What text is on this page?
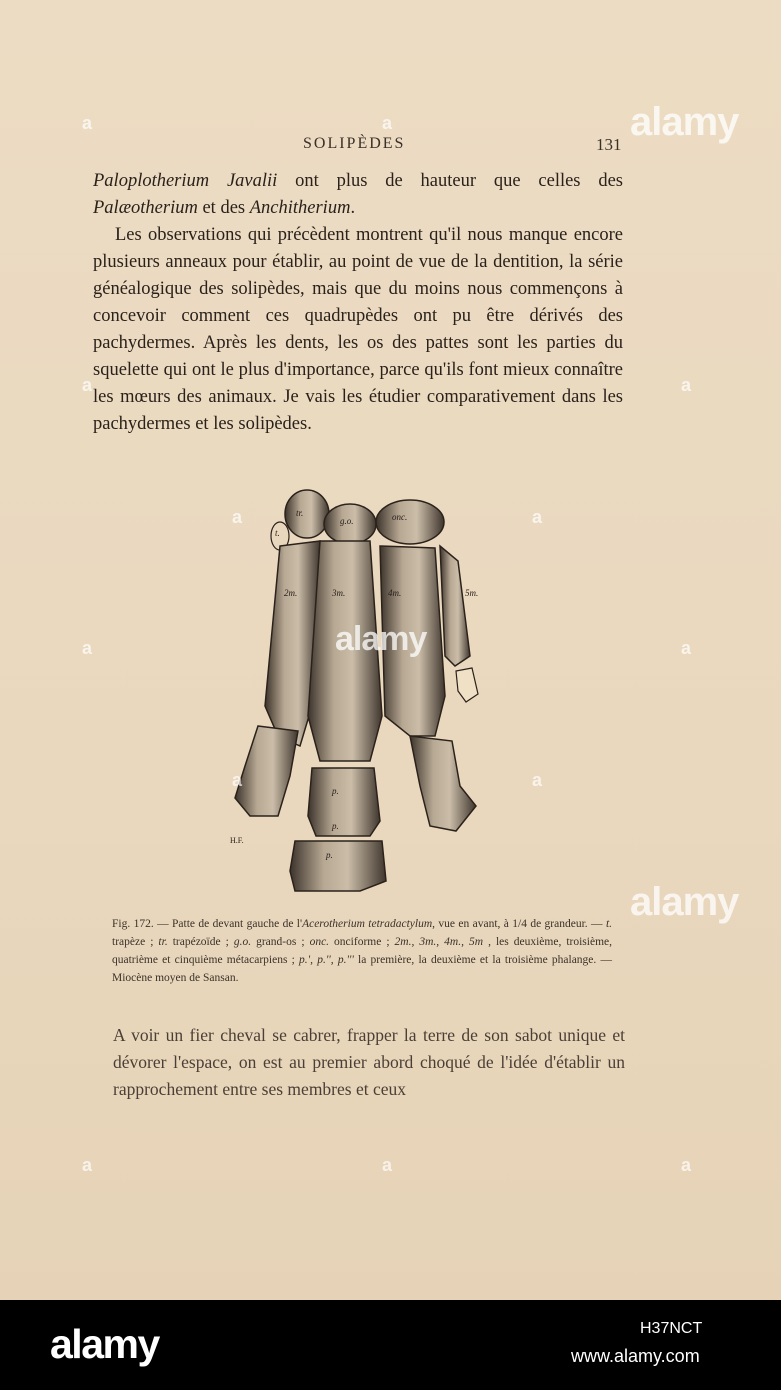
SOLIPÈDES	131

Paloplotherium Javalii ont plus de hauteur que celles des Palæotherium et des Anchitherium.

Les observations qui précèdent montrent qu'il nous manque encore plusieurs anneaux pour établir, au point de vue de la dentition, la série généalogique des solipèdes, mais que du moins nous commençons à concevoir comment ces quadrupèdes ont pu être dérivés des pachydermes. Après les dents, les os des pattes sont les parties du squelette qui ont le plus d'importance, parce qu'ils font mieux connaître les mœurs des animaux. Je vais les étudier comparativement dans les pachydermes et les solipèdes.

t.
tr.
g.o.	onc.
2m.	3m.	4m.	5m.
p.
p.
p.
H.F.
Fig. 172. — Patte de devant gauche de l'Acerotherium tetradactylum, vue en avant, à 1/4 de grandeur. — t. trapèze ; tr. trapézoïde ; g.o. grand-os ; onc. onciforme ; 2m., 3m., 4m., 5m , les deuxième, troisième, quatrième et cinquième métacarpiens ; p.', p.'', p.''' la première, la deuxième et la troisième phalange. — Miocène moyen de Sansan.
A voir un fier cheval se cabrer, frapper la terre de son sabot unique et dévorer l'espace, on est au premier abord choqué de l'idée d'établir un rapprochement entre ses membres et ceux
alamy
alamy
alamy
a	a
a	a
a	a
a	a
a	a
a	a	a
alamy	H37NCT
www.alamy.com
